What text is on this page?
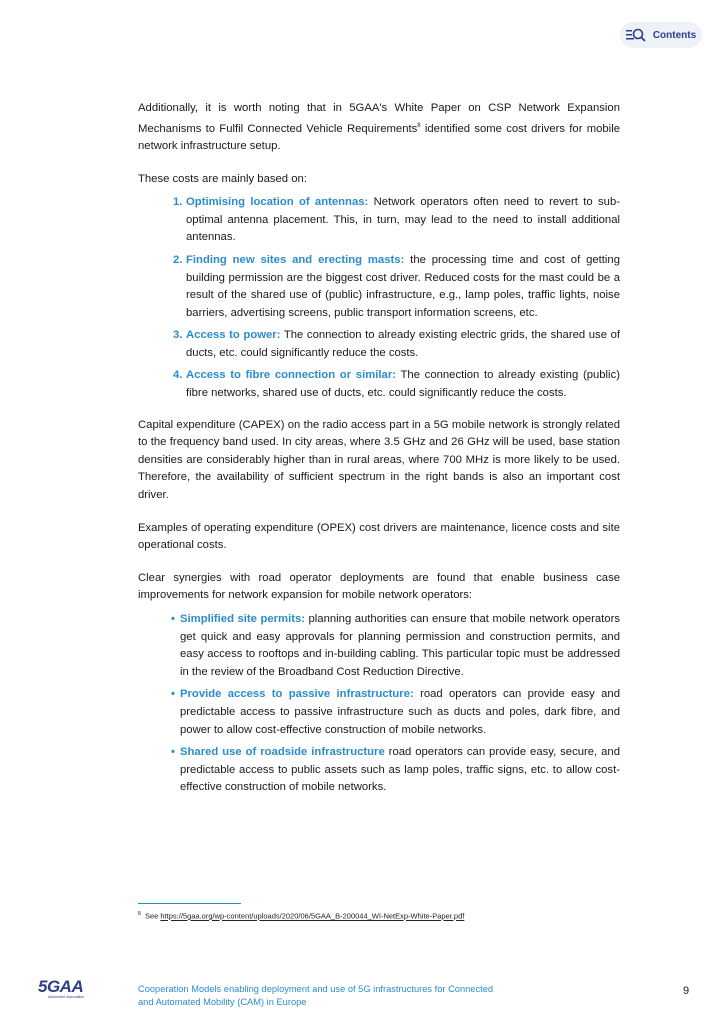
Contents

Additionally, it is worth noting that in 5GAA's White Paper on CSP Network Expansion Mechanisms to Fulfil Connected Vehicle Requirements$^8$ identified some cost drivers for mobile network infrastructure setup.

These costs are mainly based on:

1. Optimising location of antennas: Network operators often need to revert to sub-optimal antenna placement. This, in turn, may lead to the need to install additional antennas.
2. Finding new sites and erecting masts: the processing time and cost of getting building permission are the biggest cost driver. Reduced costs for the mast could be a result of the shared use of (public) infrastructure, e.g., lamp poles, traffic lights, noise barriers, advertising screens, public transport information screens, etc.
3. Access to power: The connection to already existing electric grids, the shared use of ducts, etc. could significantly reduce the costs.
4. Access to fibre connection or similar: The connection to already existing (public) fibre networks, shared use of ducts, etc. could significantly reduce the costs.

Capital expenditure (CAPEX) on the radio access part in a 5G mobile network is strongly related to the frequency band used. In city areas, where 3.5 GHz and 26 GHz will be used, base station densities are considerably higher than in rural areas, where 700 MHz is more likely to be used. Therefore, the availability of sufficient spectrum in the right bands is also an important cost driver.

Examples of operating expenditure (OPEX) cost drivers are maintenance, licence costs and site operational costs.

Clear synergies with road operator deployments are found that enable business case improvements for network expansion for mobile network operators:

• Simplified site permits: planning authorities can ensure that mobile network operators get quick and easy approvals for planning permission and construction permits, and easy access to rooftops and in-building cabling. This particular topic must be addressed in the review of the Broadband Cost Reduction Directive.
• Provide access to passive infrastructure: road operators can provide easy and predictable access to passive infrastructure such as ducts and poles, dark fibre, and power to allow cost-effective construction of mobile networks.
• Shared use of roadside infrastructure road operators can provide easy, secure, and predictable access to public assets such as lamp poles, traffic signs, etc. to allow cost-effective construction of mobile networks.
$^8$ See https://5gaa.org/wp-content/uploads/2020/06/5GAA_B-200044_WI-NetExp-White-Paper.pdf
5GAA
Automotive Association
Cooperation Models enabling deployment and use of 5G infrastructures for Connected
and Automated Mobility (CAM) in Europe
9
